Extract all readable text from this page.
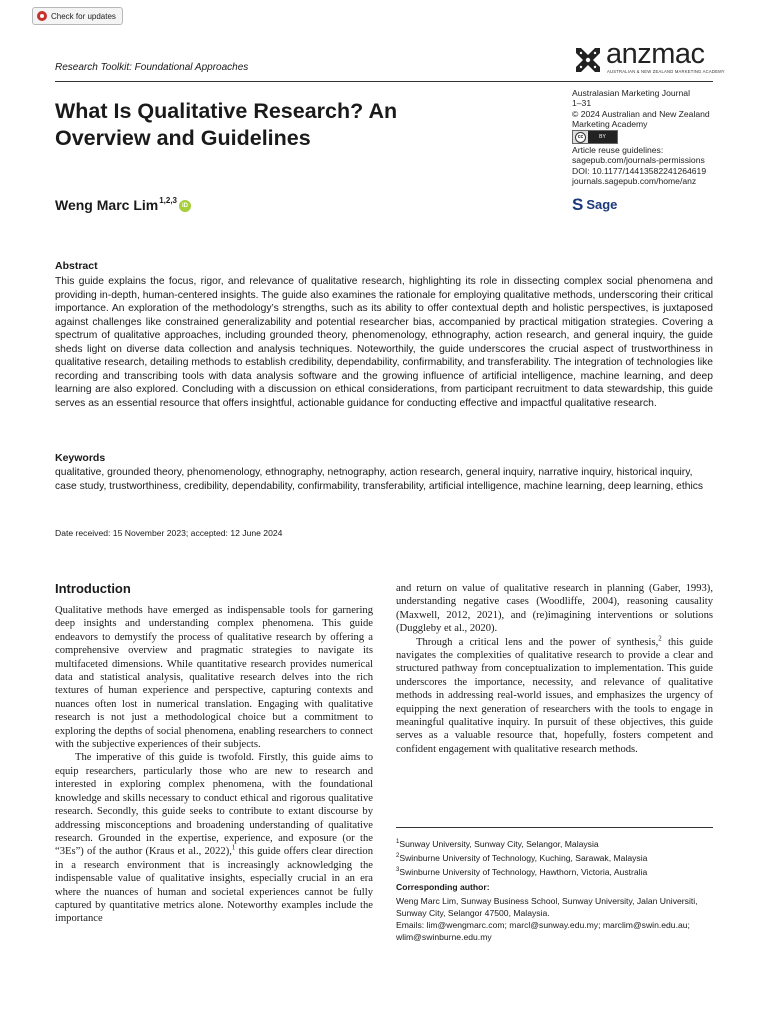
Check for updates
Research Toolkit: Foundational Approaches	anzmac
AUSTRALIAN & NEW ZEALAND MARKETING ACADEMY
What Is Qualitative Research? An Overview and Guidelines
Weng Marc Lim$^{1,2,3}$
iD
Australasian Marketing Journal
1–31
© 2024 Australian and New Zealand
Marketing Academy
cc	BY
Article reuse guidelines:
sagepub.com/journals-permissions
DOI: 10.1177/14413582241264619
journals.sagepub.com/home/anz
S Sage
Abstract
This guide explains the focus, rigor, and relevance of qualitative research, highlighting its role in dissecting complex social phenomena and providing in-depth, human-centered insights. The guide also examines the rationale for employing qualitative methods, underscoring their critical importance. An exploration of the methodology’s strengths, such as its ability to offer contextual depth and holistic perspectives, is juxtaposed against challenges like constrained generalizability and potential researcher bias, accompanied by practical mitigation strategies. Covering a spectrum of qualitative approaches, including grounded theory, phenomenology, ethnography, action research, and general inquiry, the guide sheds light on diverse data collection and analysis techniques. Noteworthily, the guide underscores the crucial aspect of trustworthiness in qualitative research, detailing methods to establish credibility, dependability, confirmability, and transferability. The integration of technologies like recording and transcribing tools with data analysis software and the growing influence of artificial intelligence, machine learning, and deep learning are also explored. Concluding with a discussion on ethical considerations, from participant recruitment to data stewardship, this guide serves as an essential resource that offers insightful, actionable guidance for conducting effective and impactful qualitative research.
Keywords
qualitative, grounded theory, phenomenology, ethnography, netnography, action research, general inquiry, narrative inquiry, historical inquiry, case study, trustworthiness, credibility, dependability, confirmability, transferability, artificial intelligence, machine learning, deep learning, ethics
Date received: 15 November 2023; accepted: 12 June 2024
Introduction

Qualitative methods have emerged as indispensable tools for garnering deep insights and understanding complex phenomena. This guide endeavors to demystify the process of qualitative research by offering a comprehensive overview and pragmatic strategies to navigate its multifaceted dimensions. While quantitative research provides numerical data and statistical analysis, qualitative research delves into the rich textures of human experience and perspective, capturing contexts and nuances often lost in numerical translation. Engaging with qualitative research is not just a methodological choice but a commitment to exploring the depths of social phenomena, enabling researchers to connect with the subjective experiences of their subjects.

The imperative of this guide is twofold. Firstly, this guide aims to equip researchers, particularly those who are new to research and interested in exploring complex phenomena, with the foundational knowledge and skills necessary to conduct ethical and rigorous qualitative research. Secondly, this guide seeks to contribute to extant discourse by addressing misconceptions and broadening understanding of qualitative research. Grounded in the expertise, experience, and exposure (or the “3Es”) of the author (Kraus et al., 2022),$^1$ this guide offers clear direction in a research environment that is increasingly acknowledging the indispensable value of qualitative insights, especially crucial in an era where the nuances of human and societal experiences cannot be fully captured by quantitative metrics alone. Noteworthy examples include the importance

and return on value of qualitative research in planning (Gaber, 1993), understanding negative cases (Woodliffe, 2004), reasoning causality (Maxwell, 2012, 2021), and (re)imagining interventions or solutions (Duggleby et al., 2020).

Through a critical lens and the power of synthesis,$^2$ this guide navigates the complexities of qualitative research to provide a clear and structured pathway from conceptualization to implementation. This guide underscores the importance, necessity, and relevance of qualitative methods in addressing real-world issues, and emphasizes the urgency of equipping the next generation of researchers with the tools to engage in meaningful qualitative inquiry. In pursuit of these objectives, this guide serves as a valuable resource that, hopefully, fosters competent and confident engagement with qualitative research methods.

$^1$Sunway University, Sunway City, Selangor, Malaysia
$^2$Swinburne University of Technology, Kuching, Sarawak, Malaysia
$^3$Swinburne University of Technology, Hawthorn, Victoria, Australia
Corresponding author:
Weng Marc Lim, Sunway Business School, Sunway University, Jalan Universiti, Sunway City, Selangor 47500, Malaysia.
Emails: lim@wengmarc.com; marcl@sunway.edu.my; marclim@swin.edu.au; wlim@swinburne.edu.my
